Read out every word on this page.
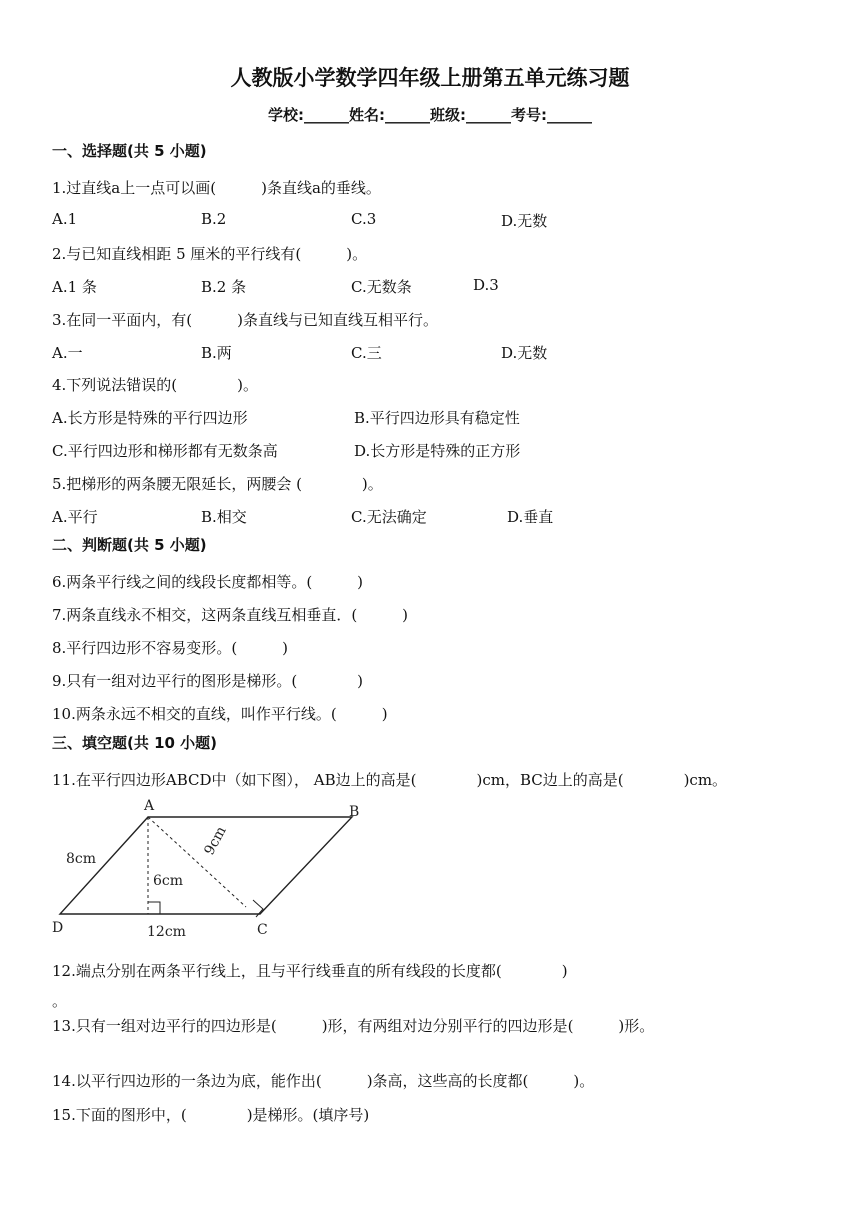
人教版小学数学四年级上册第五单元练习题
学校:______姓名:______班级:______考号:______
一、选择题(共 5 小题)
1.过直线a上一点可以画(　　　)条直线a的垂线。
A.1	B.2	C.3	D.无数
2.与已知直线相距 5 厘米的平行线有(　　　)。
A.1 条	B.2 条	C.无数条	D.3
3.在同一平面内，有(　　　)条直线与已知直线互相平行。
A.一	B.两	C.三	D.无数
4.下列说法错误的(　　　　)。
A.长方形是特殊的平行四边形	B.平行四边形具有稳定性
C.平行四边形和梯形都有无数条高	D.长方形是特殊的正方形
5.把梯形的两条腰无限延长，两腰会 (　　　　)。
A.平行	B.相交	C.无法确定	D.垂直
二、判断题(共 5 小题)
6.两条平行线之间的线段长度都相等。(　　　)
7.两条直线永不相交，这两条直线互相垂直．(　　　)
8.平行四边形不容易变形。(　　　)
9.只有一组对边平行的图形是梯形。(　　　　)
10.两条永远不相交的直线，叫作平行线。(　　　)
三、填空题(共 10 小题)
11.在平行四边形ABCD中（如下图）， AB边上的高是(　　　　)cm，BC边上的高是(　　　　)cm。
A	B
C
D
8cm
6cm
9cm
12cm
12.端点分别在两条平行线上，且与平行线垂直的所有线段的长度都(　　　　)
。
13.只有一组对边平行的四边形是(　　　)形，有两组对边分别平行的四边形是(　　　)形。
14.以平行四边形的一条边为底，能作出(　　　)条高，这些高的长度都(　　　)。
15.下面的图形中，(　　　　)是梯形。(填序号)
